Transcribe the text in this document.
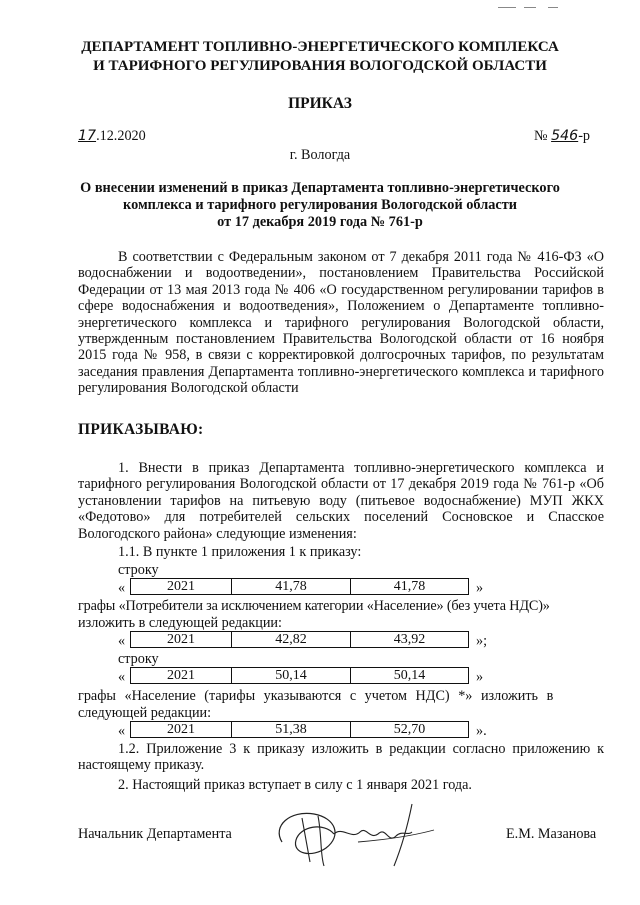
ДЕПАРТАМЕНТ ТОПЛИВНО-ЭНЕРГЕТИЧЕСКОГО КОМПЛЕКСА
И ТАРИФНОГО РЕГУЛИРОВАНИЯ ВОЛОГОДСКОЙ ОБЛАСТИ
ПРИКАЗ
17.12.2020	№ 546-р
г. Вологда
О внесении изменений в приказ Департамента топливно-энергетического
комплекса и тарифного регулирования Вологодской области
от 17 декабря 2019 года № 761-р
В соответствии с Федеральным законом от 7 декабря 2011 года № 416-ФЗ «О водоснабжении и водоотведении», постановлением Правительства Российской Федерации от 13 мая 2013 года № 406 «О государственном регулировании тарифов в сфере водоснабжения и водоотведения», Положением о Департаменте топливно-энергетического комплекса и тарифного регулирования Вологодской области, утвержденным постановлением Правительства Вологодской области от 16 ноября 2015 года № 958, в связи с корректировкой долгосрочных тарифов, по результатам заседания правления Департамента топливно-энергетического комплекса и тарифного регулирования Вологодской области
ПРИКАЗЫВАЮ:
1. Внести в приказ Департамента топливно-энергетического комплекса и тарифного регулирования Вологодской области от 17 декабря 2019 года № 761-р «Об установлении тарифов на питьевую воду (питьевое водоснабжение) МУП ЖКХ «Федотово» для потребителей сельских поселений Сосновское и Спасское Вологодского района» следующие изменения:
1.1. В пункте 1 приложения 1 к приказу:
строку
«	2021	41,78	41,78	»
графы «Потребители за исключением категории «Население» (без учета НДС)»
изложить в следующей редакции:
«	2021	42,82	43,92	»;
строку
«	2021	50,14	50,14	»
графы «Население (тарифы указываются с учетом НДС) *» изложить в
следующей редакции:
«	2021	51,38	52,70	».
1.2. Приложение 3 к приказу изложить в редакции согласно приложению к настоящему приказу.
2. Настоящий приказ вступает в силу с 1 января 2021 года.
Начальник Департамента	Е.М. Мазанова
